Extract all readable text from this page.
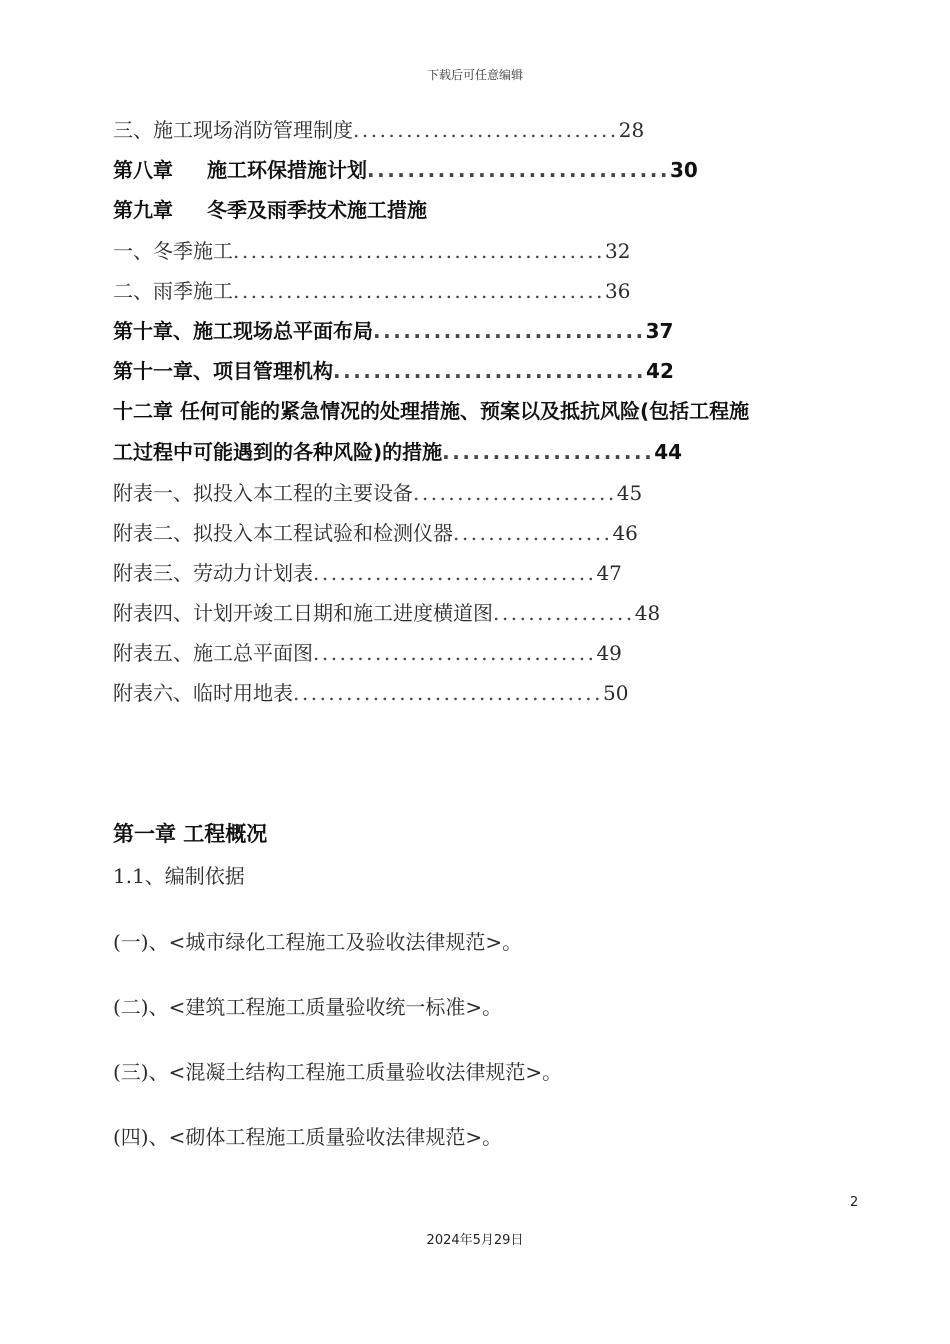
下载后可任意编辑
三、施工现场消防管理制度 .............................. 28
第八章 施工环保措施计划 .............................. 30
第九章 冬季及雨季技术施工措施
一、冬季施工 .......................................... 32
二、雨季施工 .......................................... 36
第十章、施工现场总平面布局 ........................... 37
第十一章、项目管理机构 ............................... 42
十二章 任何可能的紧急情况的处理措施、预案以及抵抗风险(包括工程施
工过程中可能遇到的各种风险)的措施 ..................... 44
附表一、拟投入本工程的主要设备 ....................... 45
附表二、拟投入本工程试验和检测仪器 .................. 46
附表三、劳动力计划表 ................................ 47
附表四、计划开竣工日期和施工进度横道图 ................ 48
附表五、施工总平面图 ................................ 49
附表六、临时用地表 ................................... 50
第一章 工程概况
1.1、编制依据
(一)、<城市绿化工程施工及验收法律规范>。
(二)、<建筑工程施工质量验收统一标准>。
(三)、<混凝土结构工程施工质量验收法律规范>。
(四)、<砌体工程施工质量验收法律规范>。
2
2024年5月29日
